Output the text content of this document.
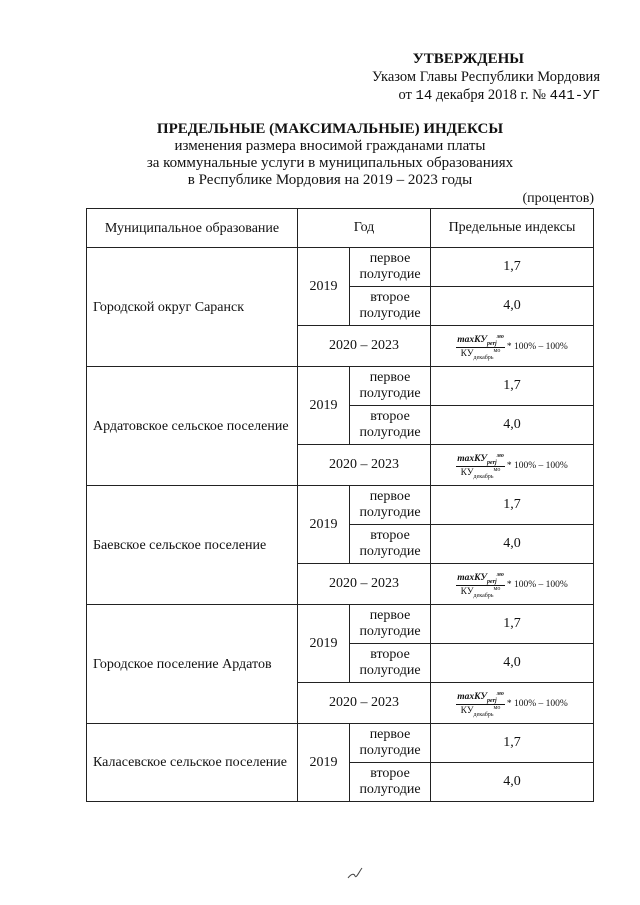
УТВЕРЖДЕНЫ
Указом Главы Республики Мордовия
от 14 декабря 2018 г. № 441-УГ
ПРЕДЕЛЬНЫЕ (МАКСИМАЛЬНЫЕ) ИНДЕКСЫ
изменения размера вносимой гражданами платы
за коммунальные услуги в муниципальных образованиях
в Республике Мордовия на 2019 – 2023 годы
(процентов)
Муниципальное образование	Год		Предельные индексы
Городской округ Саранск	2019	первое полугодие	1,7
		второе полугодие	4,0
	2020 – 2023		$\frac{\max КУ_{реrj}^{мо}}{КУ_{декабрь}^{мо}} * 100\% - 100\%$

Ардатовское сельское поселение	2019	первое полугодие	1,7
		второе полугодие	4,0
	2020 – 2023		$\frac{\max КУ_{реrj}^{мо}}{КУ_{декабрь}^{мо}} * 100\% - 100\%$

Баевское сельское поселение	2019	первое полугодие	1,7
		второе полугодие	4,0
	2020 – 2023		$\frac{\max КУ_{реrj}^{мо}}{КУ_{декабрь}^{мо}} * 100\% - 100\%$

Городское поселение Ардатов	2019	первое полугодие	1,7
		второе полугодие	4,0
	2020 – 2023		$\frac{\max КУ_{реrj}^{мо}}{КУ_{декабрь}^{мо}} * 100\% - 100\%$

Каласевское сельское поселение	2019	первое полугодие	1,7
		второе полугодие	4,0
